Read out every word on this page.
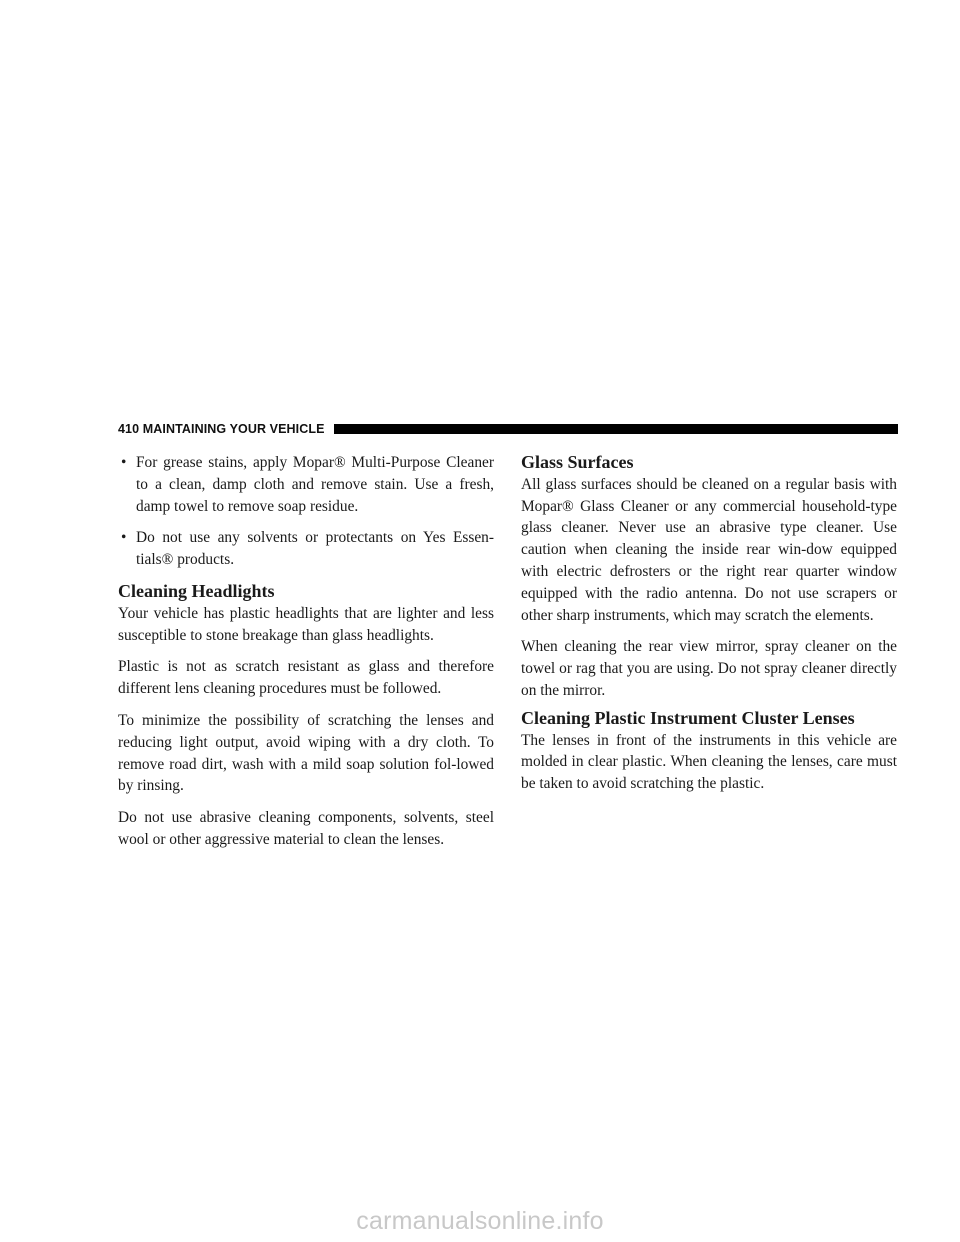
410 MAINTAINING YOUR VEHICLE
• For grease stains, apply Mopar® Multi-Purpose Cleaner to a clean, damp cloth and remove stain. Use a fresh, damp towel to remove soap residue.
• Do not use any solvents or protectants on Yes Essen-tials® products.
Cleaning Headlights

Your vehicle has plastic headlights that are lighter and less susceptible to stone breakage than glass headlights.

Plastic is not as scratch resistant as glass and therefore different lens cleaning procedures must be followed.

To minimize the possibility of scratching the lenses and reducing light output, avoid wiping with a dry cloth. To remove road dirt, wash with a mild soap solution fol-lowed by rinsing.

Do not use abrasive cleaning components, solvents, steel wool or other aggressive material to clean the lenses.

Glass Surfaces

All glass surfaces should be cleaned on a regular basis with Mopar® Glass Cleaner or any commercial household-type glass cleaner. Never use an abrasive type cleaner. Use caution when cleaning the inside rear win-dow equipped with electric defrosters or the right rear quarter window equipped with the radio antenna. Do not use scrapers or other sharp instruments, which may scratch the elements.

When cleaning the rear view mirror, spray cleaner on the towel or rag that you are using. Do not spray cleaner directly on the mirror.

Cleaning Plastic Instrument Cluster Lenses

The lenses in front of the instruments in this vehicle are molded in clear plastic. When cleaning the lenses, care must be taken to avoid scratching the plastic.

carmanualsonline.info
